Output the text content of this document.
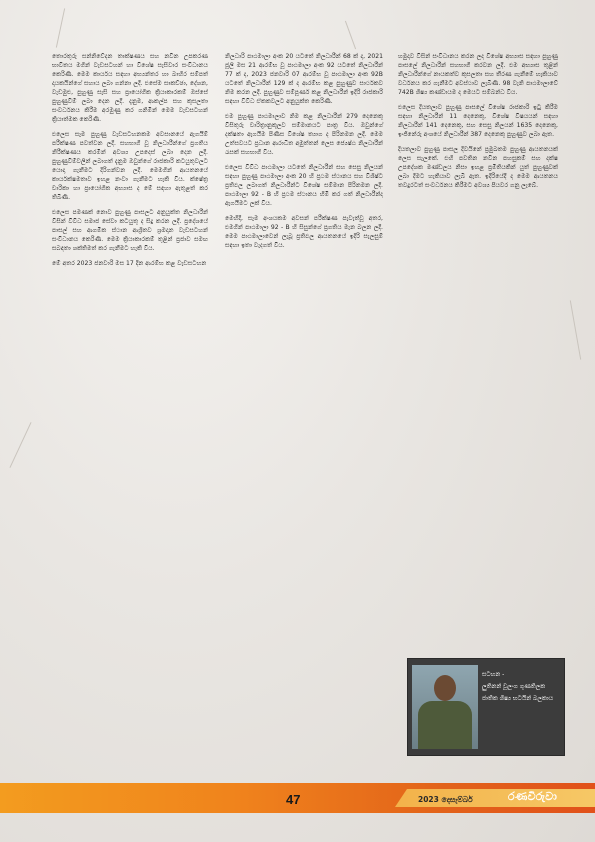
තොරතුරු සන්නිවේදන තාක්ෂණය සහ නවීන උපකරණ භාවිතය මගින් වැඩසටහන් හා විශේෂ සැසිවාර සංවිධානය කෙරිණි. මෙම කාර්යය සඳහා අභ්‍යන්තර හා බාහිර සම්පත් දායකයින්ගේ සහාය ලබා ගන්නා ලදී. එසේම සාකච්ඡා, දේශන, වැඩමුළු, පුහුණු සැසි සහ ප්‍රායෝගික ක්‍රියාකාරකම් ඔස්සේ පුහුණුවීම් ලබා දෙන ලදී. දැනුම, ආකල්ප සහ කුසලතා සංවර්ධනය කිරීම අරමුණු කර ගනිමින් මෙම වැඩසටහන් ක්‍රියාත්මක කෙරිණි.

එලෙස සෑම පුහුණු වැඩසටහනකම අවසානයේ ඇගයීම් පරීක්ෂණ පවත්වන ලදී. සහභාගී වූ නිලධාරීන්ගේ ප්‍රගතිය නිරීක්ෂණය කරමින් අවශ්‍ය උපදෙස් ලබා දෙන ලදී. පුහුණුවීම්වලින් ලබාගත් දැනුම ඔවුන්ගේ රාජකාරි කටයුතුවලට යොදා ගැනීමට දිරිගන්වන ලදී. මෙමගින් ආයතනයේ කාර්යක්ෂමතාව ඉහළ නංවා ගැනීමට හැකි විය. ක්ෂේත්‍ර චාරිකා හා ප්‍රායෝගික අභ්‍යාස ද මේ සඳහා ඇතුළත් කර තිබිණි.

එලෙස පමණක් නොව පුහුණු පාසලට අනුයුක්ත නිලධාරීන් විසින් විවිධ සමාජ සේවා කටයුතු ද සිදු කරන ලදී. ප්‍රදේශයේ පාසල් සහ ආගමික ස්ථාන ආශ්‍රිතව ශ්‍රමදාන වැඩසටහන් සංවිධානය කෙරිණි. මෙම ක්‍රියාකාරකම් තුළින් ප්‍රජාව සමඟ සබඳතා ශක්තිමත් කර ගැනීමට හැකි විය.

මේ අතර 2023 ජනවාරි මස 17 දින ආරම්භ කළ වැඩසටහන

නිලධාරි පාඨමාලා අංක 20 යටතේ නිලධාරීන් 68 ක් ද, 2021 ජූලි මස 21 ආරම්භ වූ පාඨමාලා අංක 92 යටතේ නිලධාරීන් 77 ක් ද, 2023 ජනවාරි 07 ආරම්භ වූ පාඨමාලා අංක 92B යටතේ නිලධාරීන් 129 ක් ද ආරම්භ කළ පුහුණුව සාර්ථකව නිම කරන ලදී. පුහුණුව සම්පූර්ණ කළ නිලධාරීන් ඉදිරි රාජකාරි සඳහා විවිධ ඒකකවලට අනුයුක්ත කෙරිණි.

එම පුහුණු පාඨමාලාව නිම කළ නිලධාරීන් 279 දෙනෙකු විසිතුරු චාරිත්‍රානුකූලව සම්මානයට පාත්‍ර විය. ඔවුන්ගේ දක්ෂතා ඇගයීම පිණිස විශේෂ ත්‍යාග ද පිරිනමන ලදී. මෙම උත්සවයට ප්‍රධාන ආරාධිත අමුත්තන් ලෙස ජ්‍යෙෂ්ඨ නිලධාරීන් රැසක් සහභාගී විය.

එලෙස විවිධ පාඨමාලා යටතේ නිලධාරීන් සහ සෙසු නිලයන් සඳහා පුහුණු පාඨමාලා අංක 20 හි ප්‍රථම ස්ථානය සහ විශිෂ්ට ප්‍රතිඵල ලබාගත් නිලධාරීන්ට විශේෂ සම්මාන පිරිනමන ලදී. පාඨමාලා 92 - B හි ප්‍රථම ස්ථානය හිමි කර ගත් නිලධාරීන්ද ඇගයීමට ලක් විය.

මෙහිදී, සෑම අංශයකම අවසන් පරීක්ෂණ පැවැත්වූ අතර, එමගින් පාඨමාලා 92 - B හි සිසුන්ගේ ප්‍රගතිය මැන බලන ලදී. මෙම පාඨමාලාවෙන් ලැබූ ප්‍රතිඵල ආයතනයේ ඉදිරි සැලසුම් සඳහා ඉතා වැදගත් විය.

හමුදාව විසින් සංවිධානය කරන ලද විශේෂ අභ්‍යාස සඳහා පුහුණු පාසලේ නිලධාරීන් සහභාගී කරවන ලදී. එම අභ්‍යාස තුළින් නිලධාරීන්ගේ නායකත්ව කුසලතා සහ තීරණ ගැනීමේ හැකියාව වර්ධනය කර ගැනීමට අවස්ථාව ලැබිණි. 98 වැනි පාඨමාලාවේ 742B ශිෂ්‍ය කණ්ඩායම ද මෙයට සම්බන්ධ විය.

එලෙස දියතලාව පුහුණු පාසලේ විශේෂ රාජකාරි ඉටු කිරීම සඳහා නිලධාරීන් 11 දෙනෙකු, විශේෂ විෂයයන් සඳහා නිලධාරීන් 141 දෙනෙකු, සහ සෙසු නිලයන් 1635 දෙනෙකු, ඉංජිනේරු අංශයේ නිලධාරීන් 387 දෙනෙකු පුහුණුව ලබා ඇත.

දියතලාව පුහුණු පාසල දිවයිනේ ප්‍රමුඛතම පුහුණු ආයතනයක් ලෙස සැලකේ. එහි පවතින නවීන පහසුකම් සහ දක්ෂ උපදේශක මණ්ඩලය නිසා ඉහළ ප්‍රමිතියකින් යුත් පුහුණුවක් ලබා දීමට හැකියාව ලැබී ඇත. ඉදිරියේදී ද මෙම ආයතනය තවදුරටත් සංවර්ධනය කිරීමට අවශ්‍ය පියවර ගනු ලැබේ.

සටහන -
ලුතිනන් චූලංග ගුණතිලක
ජාතික ශිෂ්‍ය භටයින් බලකාය
47	2023 දෙසැම්බර්	රණවිරුවා
